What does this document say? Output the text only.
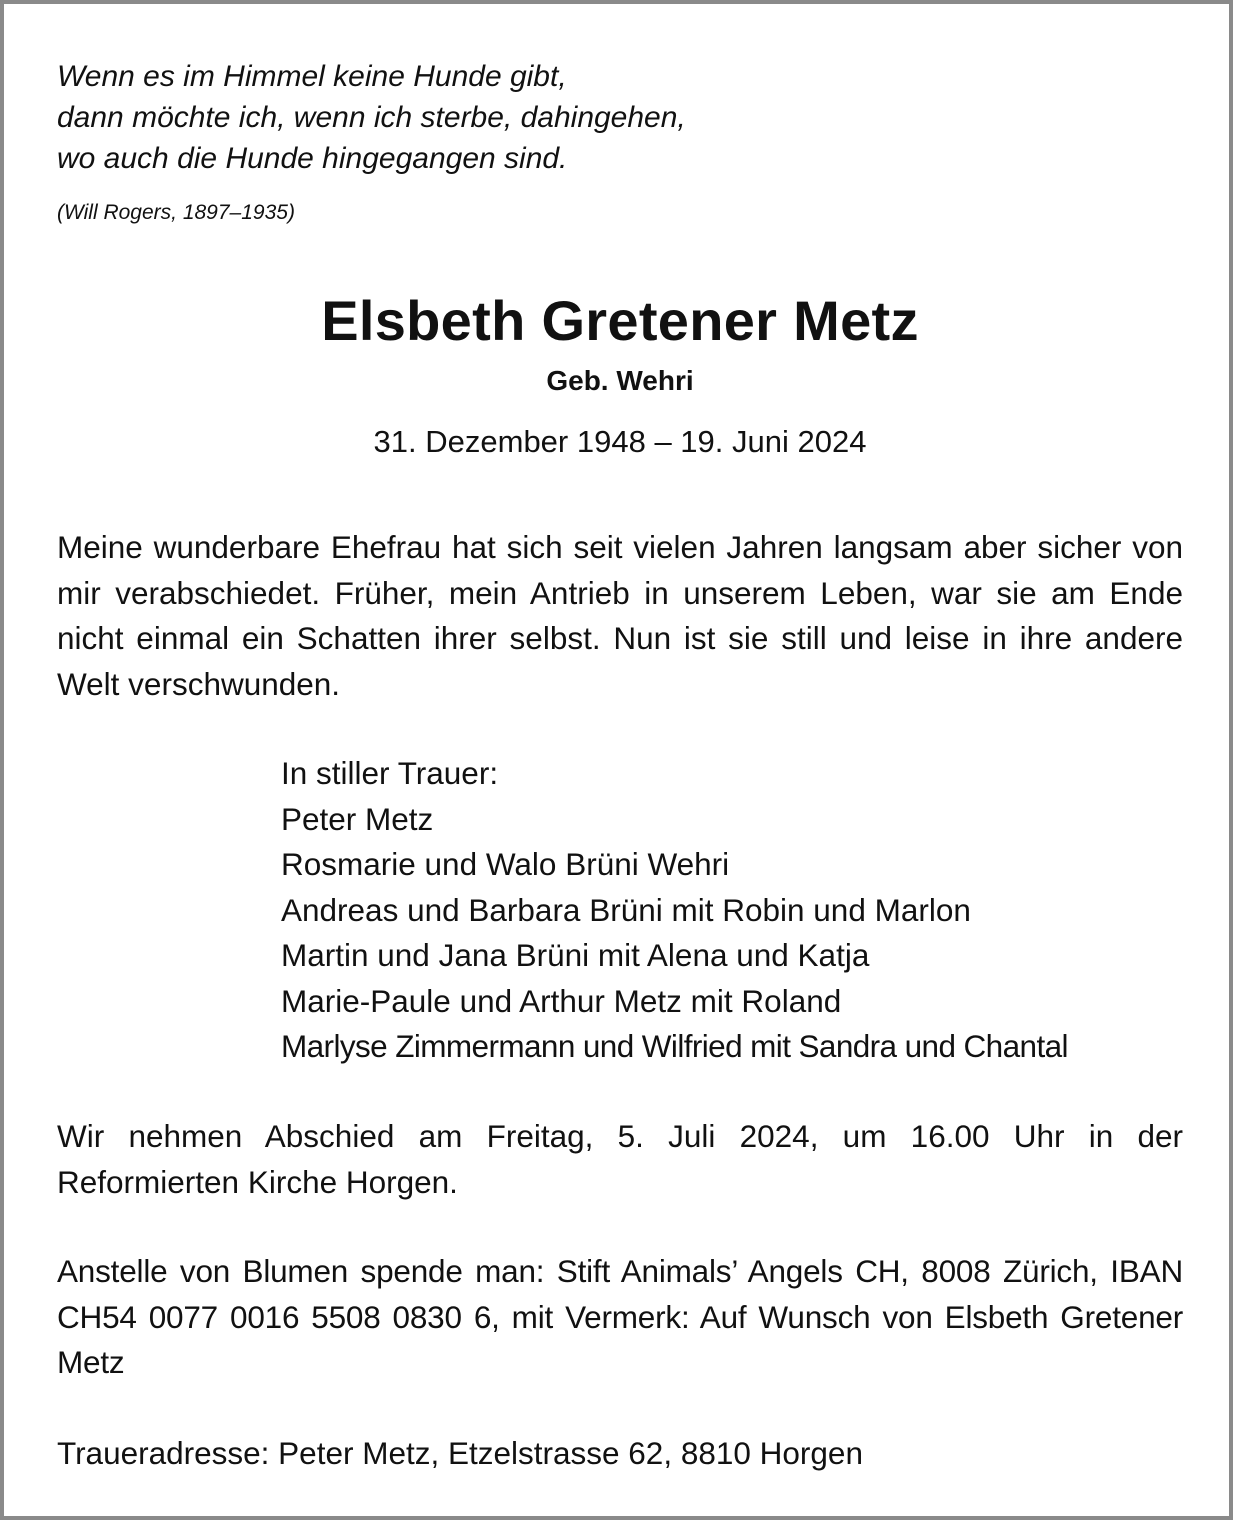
Wenn es im Himmel keine Hunde gibt,
dann möchte ich, wenn ich sterbe, dahingehen,
wo auch die Hunde hingegangen sind.
(Will Rogers, 1897–1935)
Elsbeth Gretener Metz
Geb. Wehri
31. Dezember 1948 – 19. Juni 2024
Meine wunderbare Ehefrau hat sich seit vielen Jahren langsam aber sicher von mir verabschiedet. Früher, mein Antrieb in unserem Leben, war sie am Ende nicht einmal ein Schatten ihrer selbst. Nun ist sie still und leise in ihre andere Welt verschwunden.
In stiller Trauer:
Peter Metz
Rosmarie und Walo Brüni Wehri
Andreas und Barbara Brüni mit Robin und Marlon
Martin und Jana Brüni mit Alena und Katja
Marie-Paule und Arthur Metz mit Roland
Marlyse Zimmermann und Wilfried mit Sandra und Chantal
Wir nehmen Abschied am Freitag, 5. Juli 2024, um 16.00 Uhr in der Reformierten Kirche Horgen.
Anstelle von Blumen spende man: Stift Animals’ Angels CH, 8008 Zürich, IBAN CH54 0077 0016 5508 0830 6, mit Vermerk: Auf Wunsch von Elsbeth Gretener Metz
Traueradresse: Peter Metz, Etzelstrasse 62, 8810 Horgen
